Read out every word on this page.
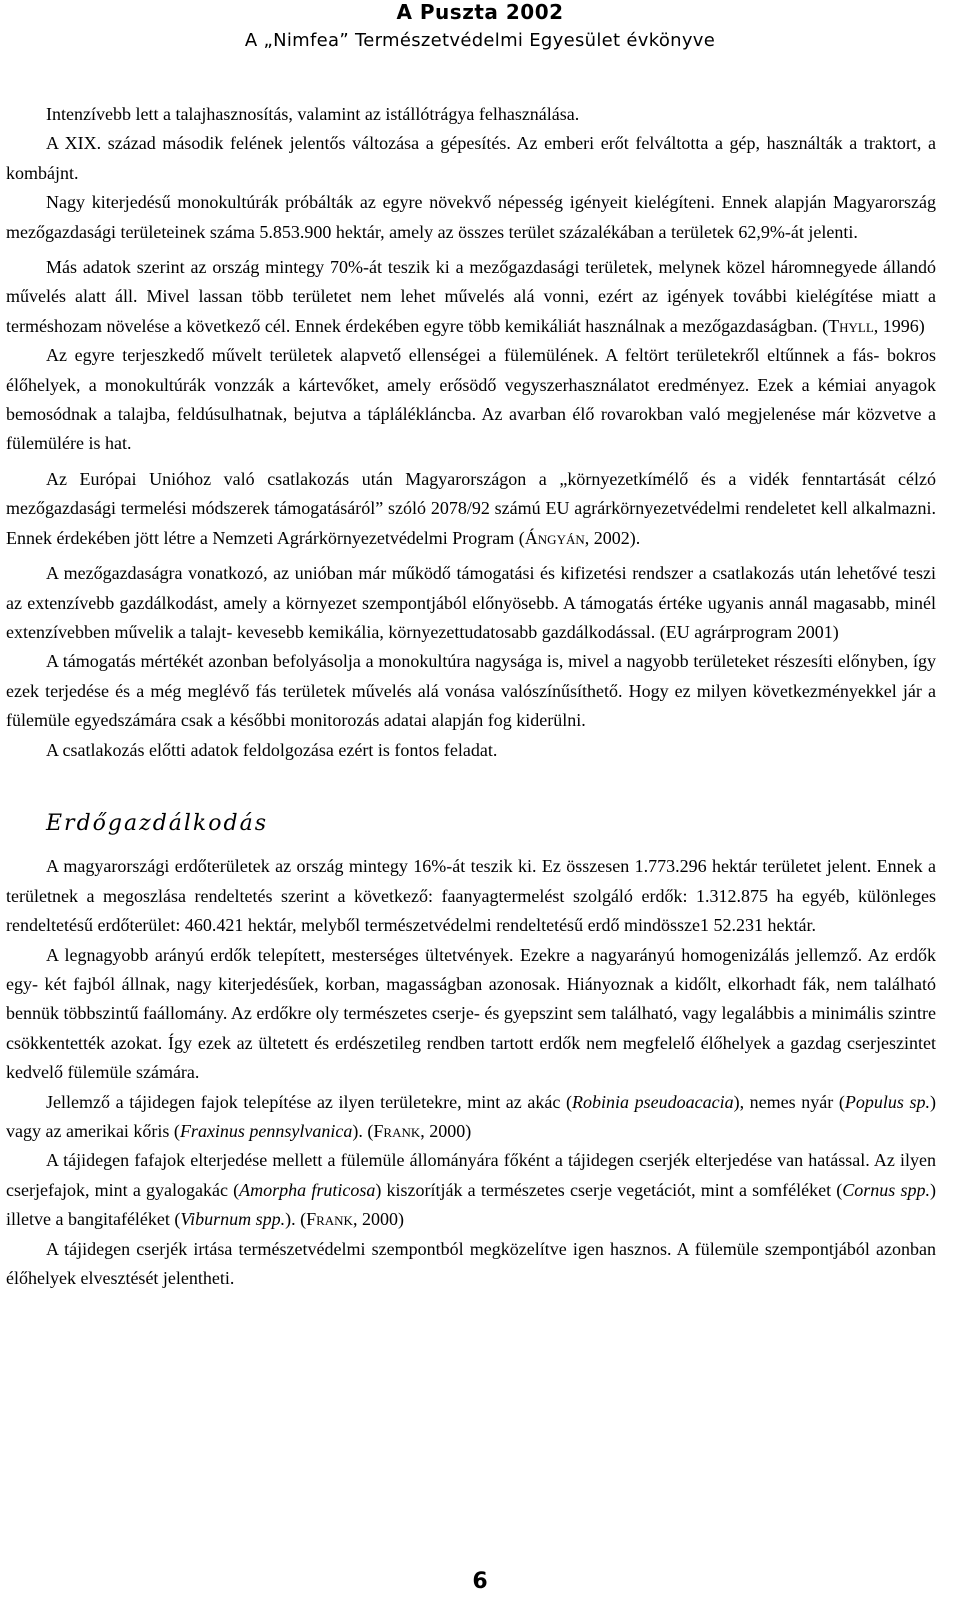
A Puszta 2002
A „Nimfea” Természetvédelmi Egyesület évkönyve

Intenzívebb lett a talajhasznosítás, valamint az istállótrágya felhasználása.

A XIX. század második felének jelentős változása a gépesítés. Az emberi erőt felváltotta a gép, használták a traktort, a kombájnt.

Nagy kiterjedésű monokultúrák próbálták az egyre növekvő népesség igényeit kielégíteni. Ennek alapján Magyarország mezőgazdasági területeinek száma 5.853.900 hektár, amely az összes terület százalékában a területek 62,9%-át jelenti.

Más adatok szerint az ország mintegy 70%-át teszik ki a mezőgazdasági területek, melynek közel háromnegyede állandó művelés alatt áll. Mivel lassan több területet nem lehet művelés alá vonni, ezért az igények további kielégítése miatt a terméshozam növelése a következő cél. Ennek érdekében egyre több kemikáliát használnak a mezőgazdaságban. (Thyll, 1996)

Az egyre terjeszkedő művelt területek alapvető ellenségei a fülemülének. A feltört területekről eltűnnek a fás- bokros élőhelyek, a monokultúrák vonzzák a kártevőket, amely erősödő vegyszerhasználatot eredményez. Ezek a kémiai anyagok bemosódnak a talajba, feldúsulhatnak, bejutva a táplálékláncba. Az avarban élő rovarokban való megjelenése már közvetve a fülemülére is hat.

Az Európai Unióhoz való csatlakozás után Magyarországon a „környezetkímélő és a vidék fenntartását célzó mezőgazdasági termelési módszerek támogatásáról” szóló 2078/92 számú EU agrárkörnyezetvédelmi rendeletet kell alkalmazni. Ennek érdekében jött létre a Nemzeti Agrárkörnyezetvédelmi Program (Ángyán, 2002).

A mezőgazdaságra vonatkozó, az unióban már működő támogatási és kifizetési rendszer a csatlakozás után lehetővé teszi az extenzívebb gazdálkodást, amely a környezet szempontjából előnyösebb. A támogatás értéke ugyanis annál magasabb, minél extenzívebben művelik a talajt- kevesebb kemikália, környezettudatosabb gazdálkodással. (EU agrárprogram 2001)

A támogatás mértékét azonban befolyásolja a monokultúra nagysága is, mivel a nagyobb területeket részesíti előnyben, így ezek terjedése és a még meglévő fás területek művelés alá vonása valószínűsíthető. Hogy ez milyen következményekkel jár a fülemüle egyedszámára csak a későbbi monitorozás adatai alapján fog kiderülni.

A csatlakozás előtti adatok feldolgozása ezért is fontos feladat.

Erdőgazdálkodás

A magyarországi erdőterületek az ország mintegy 16%-át teszik ki. Ez összesen 1.773.296 hektár területet jelent. Ennek a területnek a megoszlása rendeltetés szerint a következő: faanyagtermelést szolgáló erdők: 1.312.875 ha egyéb, különleges rendeltetésű erdőterület: 460.421 hektár, melyből természetvédelmi rendeltetésű erdő mindössze1 52.231 hektár.

A legnagyobb arányú erdők telepített, mesterséges ültetvények. Ezekre a nagyarányú homogenizálás jellemző. Az erdők egy- két fajból állnak, nagy kiterjedésűek, korban, magasságban azonosak. Hiányoznak a kidőlt, elkorhadt fák, nem található bennük többszintű faállomány. Az erdőkre oly természetes cserje- és gyepszint sem található, vagy legalábbis a minimális szintre csökkentették azokat. Így ezek az ültetett és erdészetileg rendben tartott erdők nem megfelelő élőhelyek a gazdag cserjeszintet kedvelő fülemüle számára.

Jellemző a tájidegen fajok telepítése az ilyen területekre, mint az akác (Robinia pseudoacacia), nemes nyár (Populus sp.) vagy az amerikai kőris (Fraxinus pennsylvanica). (Frank, 2000)

A tájidegen fafajok elterjedése mellett a fülemüle állományára főként a tájidegen cserjék elterjedése van hatással. Az ilyen cserjefajok, mint a gyalogakác (Amorpha fruticosa) kiszorítják a természetes cserje vegetációt, mint a somféléket (Cornus spp.) illetve a bangitaféléket (Viburnum spp.). (Frank, 2000)

A tájidegen cserjék irtása természetvédelmi szempontból megközelítve igen hasznos. A fülemüle szempontjából azonban élőhelyek elvesztését jelentheti.

6
